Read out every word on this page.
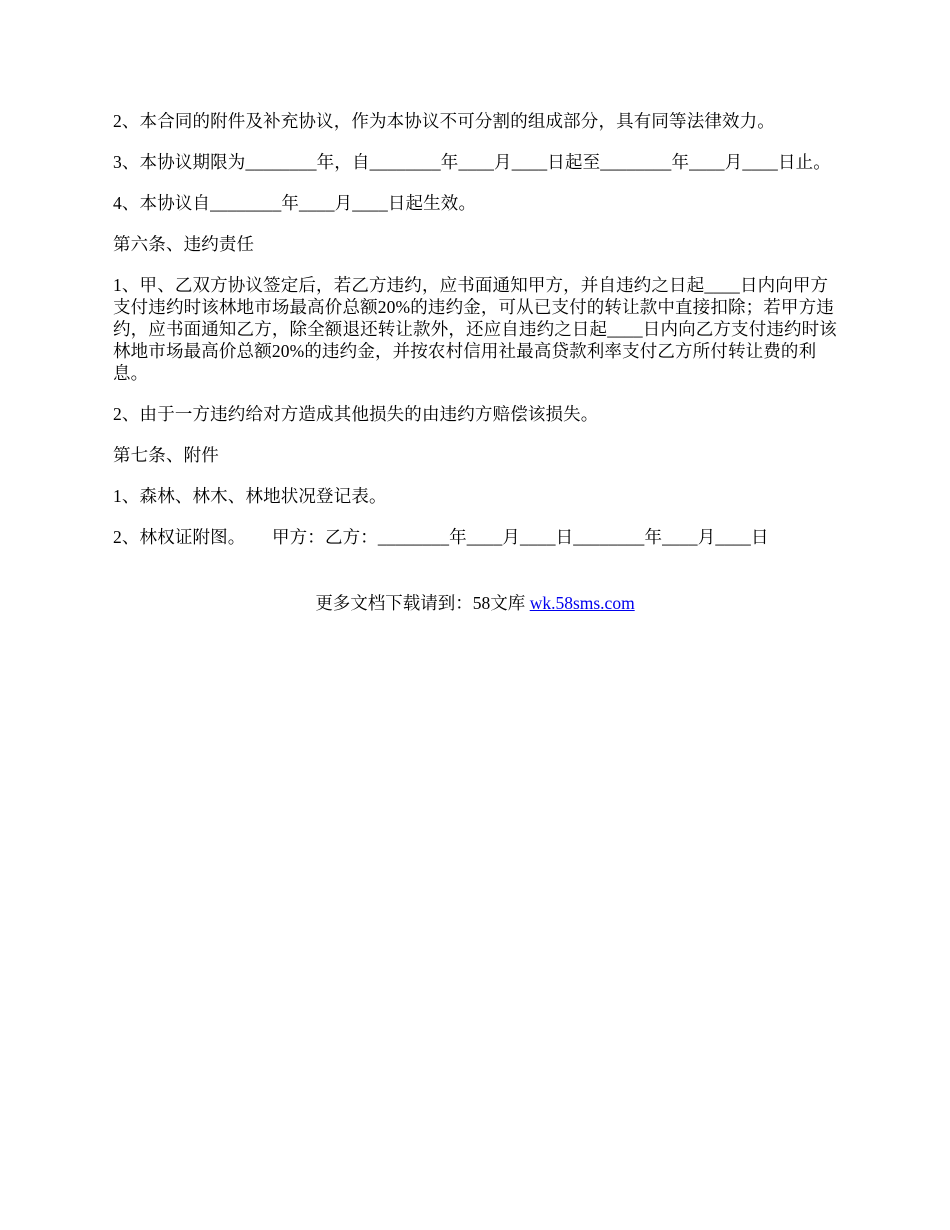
2、本合同的附件及补充协议，作为本协议不可分割的组成部分，具有同等法律效力。

3、本协议期限为________年，自________年____月____日起至________年____月____日止。

4、本协议自________年____月____日起生效。

第六条、违约责任

1、甲、乙双方协议签定后，若乙方违约，应书面通知甲方，并自违约之日起____日内向甲方支付违约时该林地市场最高价总额20%的违约金，可从已支付的转让款中直接扣除；若甲方违约，应书面通知乙方，除全额退还转让款外，还应自违约之日起____日内向乙方支付违约时该林地市场最高价总额20%的违约金，并按农村信用社最高贷款利率支付乙方所付转让费的利息。

2、由于一方违约给对方造成其他损失的由违约方赔偿该损失。

第七条、附件

1、森林、林木、林地状况登记表。

2、林权证附图。　　甲方：乙方：________年____月____日________年____月____日

更多文档下载请到：58文库 wk.58sms.com
